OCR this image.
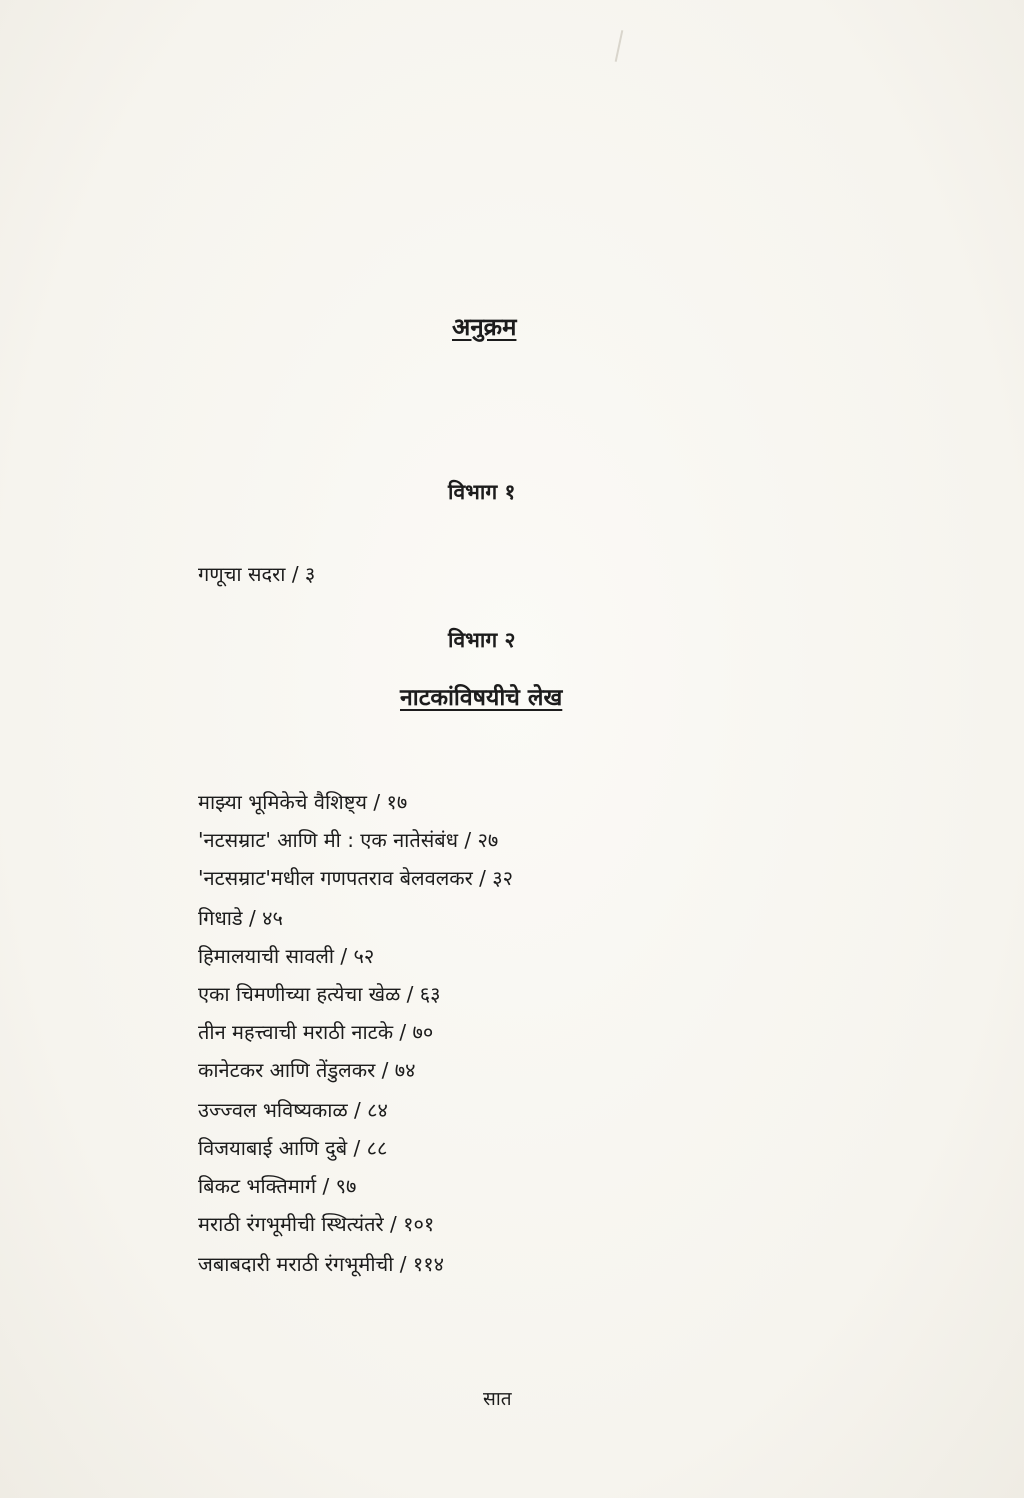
अनुक्रम
विभाग १
गणूचा सदरा / ३
विभाग २
नाटकांविषयीचे लेख
माझ्या भूमिकेचे वैशिष्ट्य / १७
'नटसम्राट' आणि मी : एक नातेसंबंध / २७
'नटसम्राट'मधील गणपतराव बेलवलकर / ३२
गिधाडे / ४५
हिमालयाची सावली / ५२
एका चिमणीच्या हत्येचा खेळ / ६३
तीन महत्त्वाची मराठी नाटके / ७०
कानेटकर आणि तेंडुलकर / ७४
उज्ज्वल भविष्यकाळ / ८४
विजयाबाई आणि दुबे / ८८
बिकट भक्तिमार्ग / ९७
मराठी रंगभूमीची स्थित्यंतरे / १०१
जबाबदारी मराठी रंगभूमीची / ११४
सात
